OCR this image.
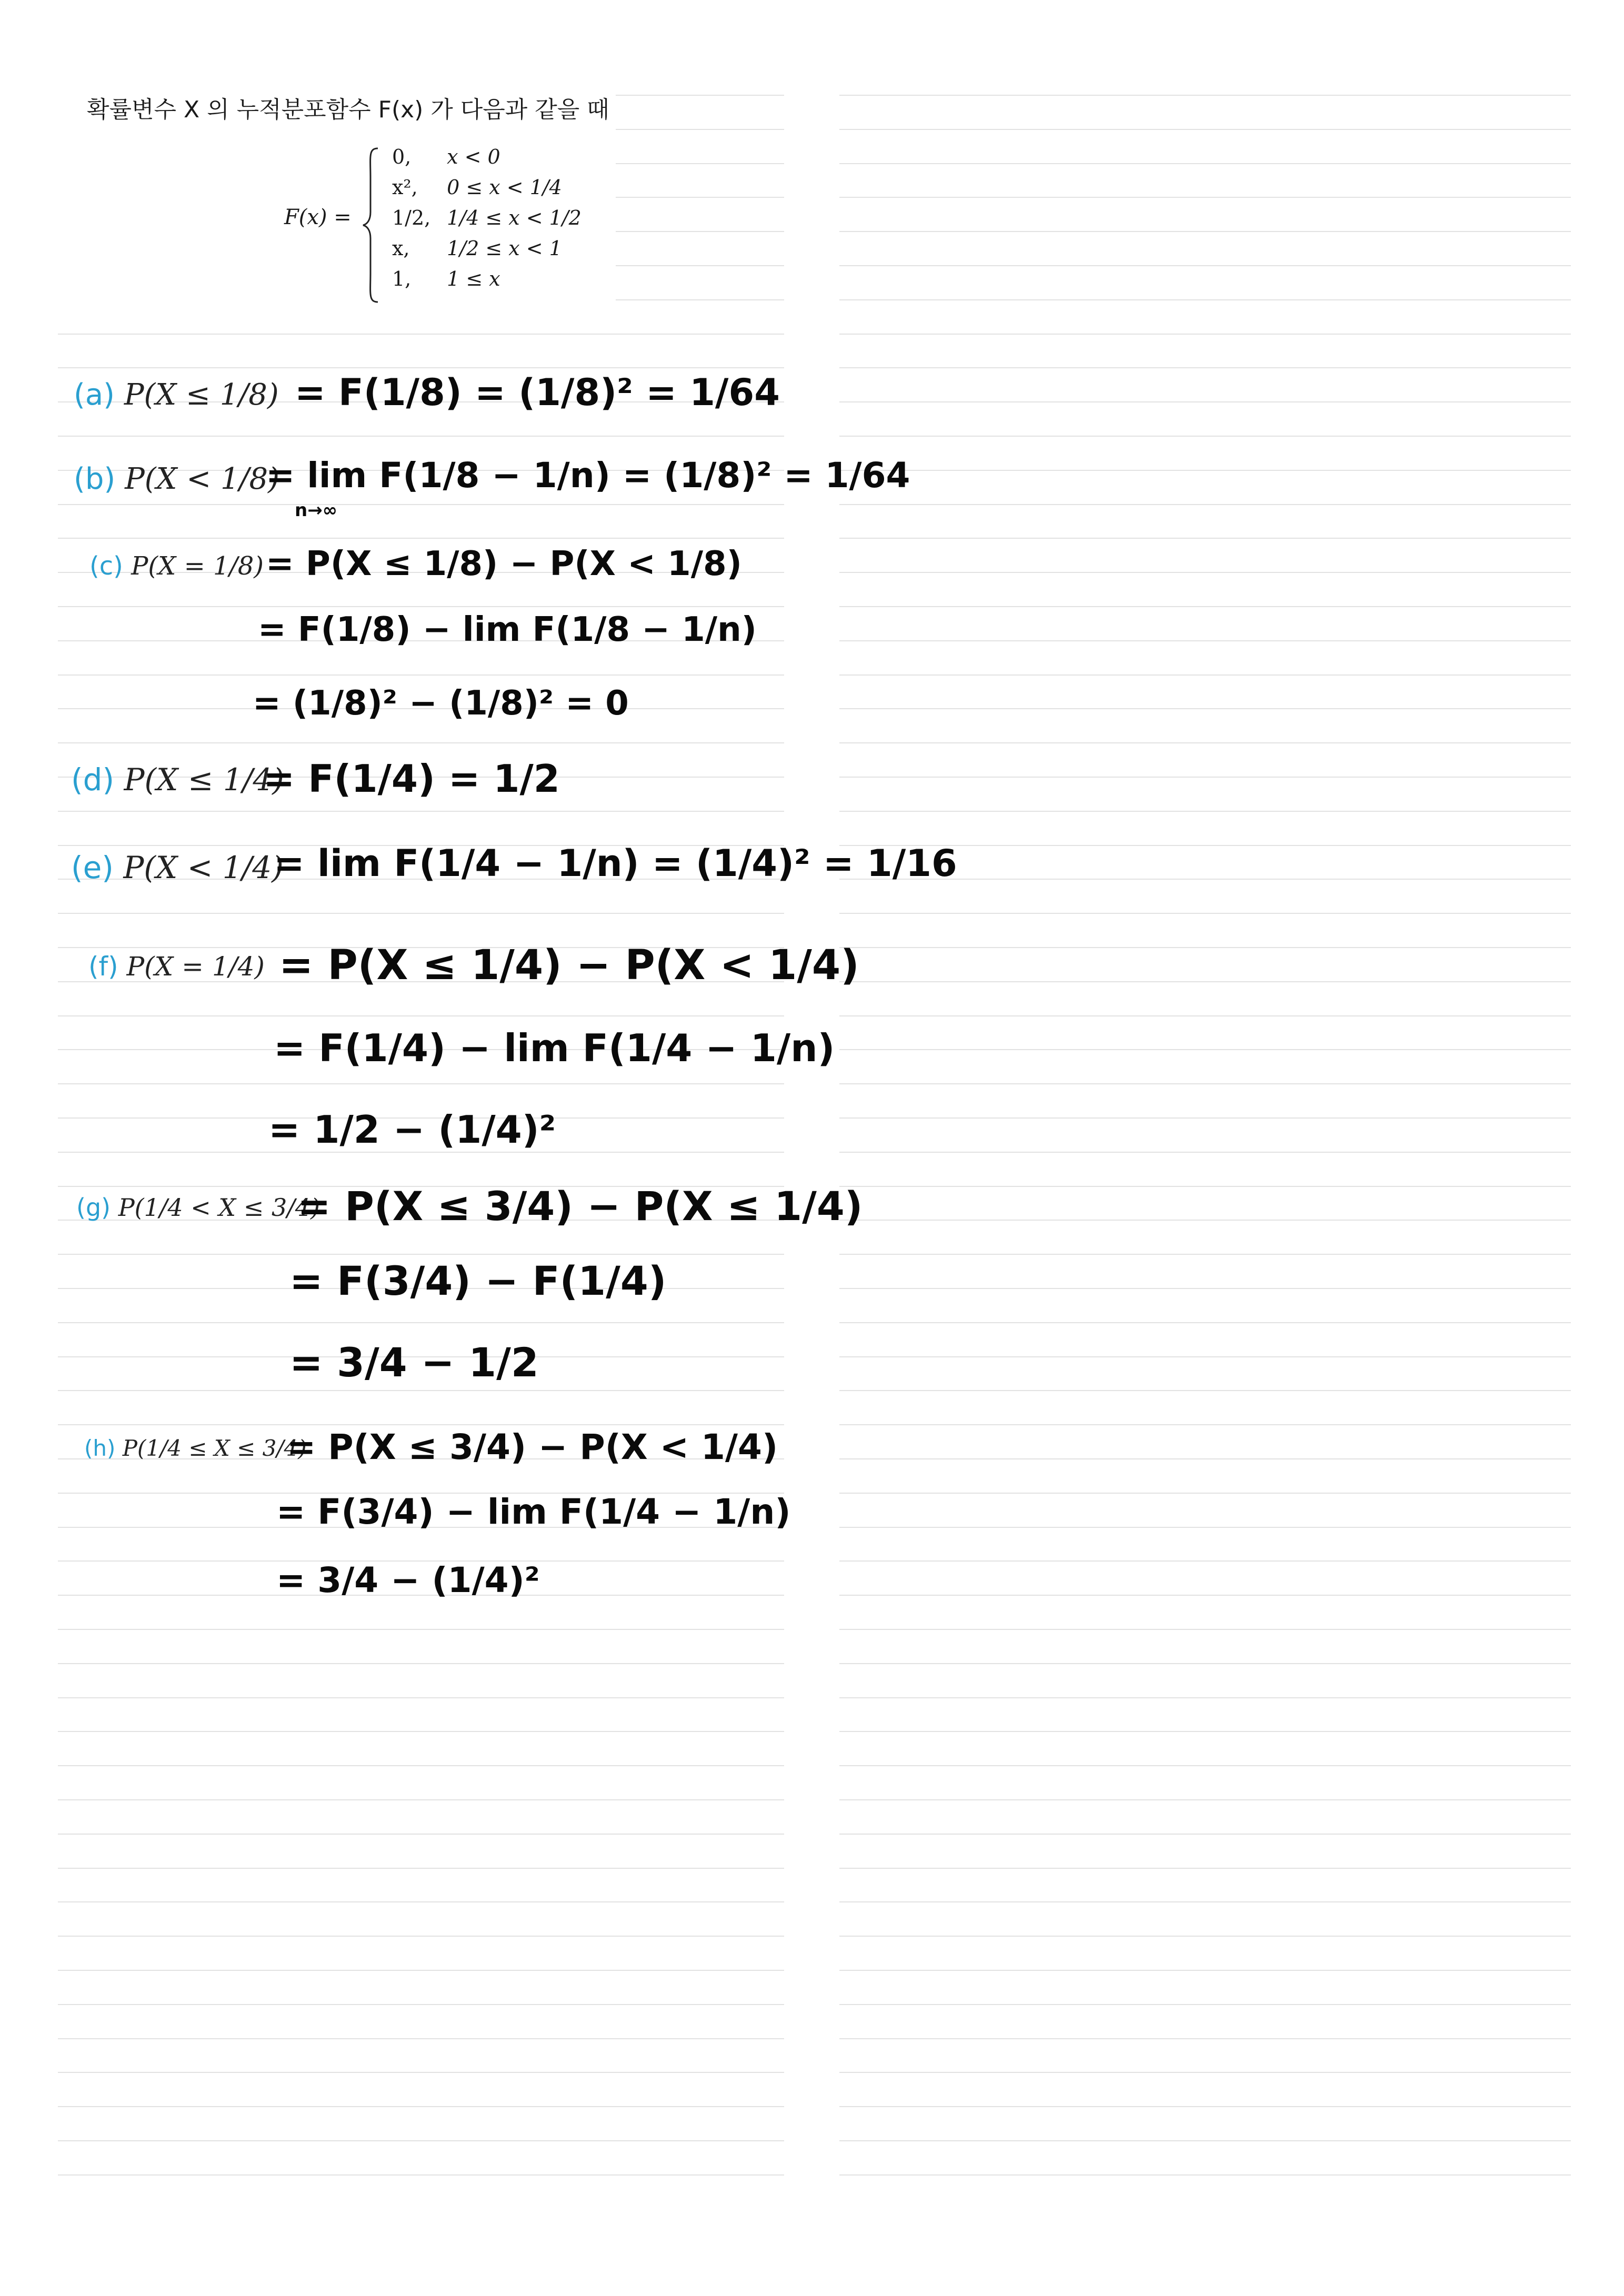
확률변수 X 의 누적분포함수 F(x) 가 다음과 같을 때
F(x) =
0, x < 0
x², 0 ≤ x < 1/4
1/2, 1/4 ≤ x < 1/2
x, 1/2 ≤ x < 1
1, 1 ≤ x
(a) P(X ≤ 1/8) = F(1/8) = (1/8)² = 1/64
(b) P(X < 1/8)
= lim F(1/8 − 1/n) = (1/8)² = 1/64
n→∞
(c) P(X = 1/8) = P(X ≤ 1/8) − P(X < 1/8)
= F(1/8) − lim F(1/8 − 1/n)
= (1/8)² − (1/8)² = 0
(d) P(X ≤ 1/4)
= F(1/4) = 1/2
(e) P(X < 1/4)
= lim F(1/4 − 1/n) = (1/4)² = 1/16
(f) P(X = 1/4) = P(X ≤ 1/4) − P(X < 1/4)
= F(1/4) − lim F(1/4 − 1/n)
= 1/2 − (1/4)²
(g) P(1/4 < X ≤ 3/4)
= P(X ≤ 3/4) − P(X ≤ 1/4)
= F(3/4) − F(1/4)
= 3/4 − 1/2
(h) P(1/4 ≤ X ≤ 3/4)
= P(X ≤ 3/4) − P(X < 1/4)
= F(3/4) − lim F(1/4 − 1/n)
= 3/4 − (1/4)²
